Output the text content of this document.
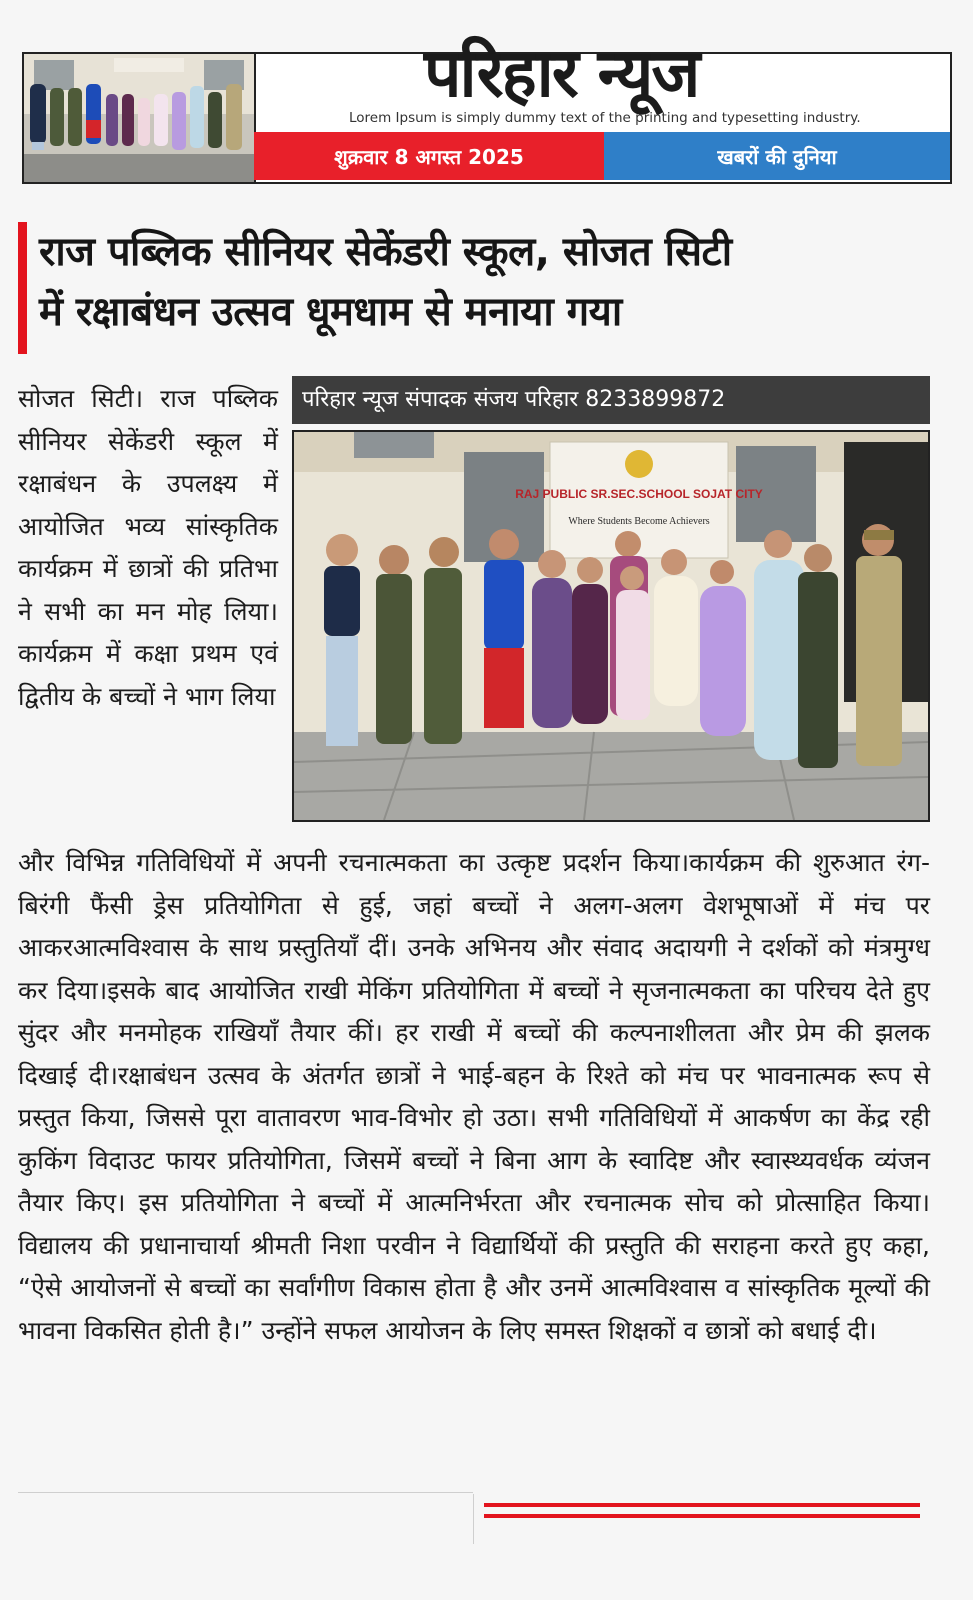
परिहार न्यूज
Lorem Ipsum is simply dummy text of the printing and typesetting industry.
शुक्रवार 8 अगस्त 2025	खबरों की दुनिया
राज पब्लिक सीनियर सेकेंडरी स्कूल, सोजत सिटी
में रक्षाबंधन उत्सव धूमधाम से मनाया गया
सोजत सिटी। राज पब्लिक सीनियर सेकेंडरी स्कूल में रक्षाबंधन के उपलक्ष्य में आयोजित भव्य सांस्कृतिक कार्यक्रम में छात्रों की प्रतिभा ने सभी का मन मोह लिया। कार्यक्रम में कक्षा प्रथम एवं द्वितीय के बच्चों ने भाग लिया
परिहार न्यूज संपादक संजय परिहार 8233899872
RAJ PUBLIC SR.SEC.SCHOOL SOJAT CITY
Where Students Become Achievers
और विभिन्न गतिविधियों में अपनी रचनात्मकता का उत्कृष्ट प्रदर्शन किया।कार्यक्रम की शुरुआत रंग-बिरंगी फैंसी ड्रेस प्रतियोगिता से हुई, जहां बच्चों ने अलग-अलग वेशभूषाओं में मंच पर आकरआत्मविश्वास के साथ प्रस्तुतियाँ दीं। उनके अभिनय और संवाद अदायगी ने दर्शकों को मंत्रमुग्ध कर दिया।इसके बाद आयोजित राखी मेकिंग प्रतियोगिता में बच्चों ने सृजनात्मकता का परिचय देते हुए सुंदर और मनमोहक राखियाँ तैयार कीं। हर राखी में बच्चों की कल्पनाशीलता और प्रेम की झलक दिखाई दी।रक्षाबंधन उत्सव के अंतर्गत छात्रों ने भाई-बहन के रिश्ते को मंच पर भावनात्मक रूप से प्रस्तुत किया, जिससे पूरा वातावरण भाव-विभोर हो उठा। सभी गतिविधियों में आकर्षण का केंद्र रही कुकिंग विदाउट फायर प्रतियोगिता, जिसमें बच्चों ने बिना आग के स्वादिष्ट और स्वास्थ्यवर्धक व्यंजन तैयार किए। इस प्रतियोगिता ने बच्चों में आत्मनिर्भरता और रचनात्मक सोच को प्रोत्साहित किया। विद्यालय की प्रधानाचार्या श्रीमती निशा परवीन ने विद्यार्थियों की प्रस्तुति की सराहना करते हुए कहा, “ऐसे आयोजनों से बच्चों का सर्वांगीण विकास होता है और उनमें आत्मविश्वास व सांस्कृतिक मूल्यों की भावना विकसित होती है।” उन्होंने सफल आयोजन के लिए समस्त शिक्षकों व छात्रों को बधाई दी।
